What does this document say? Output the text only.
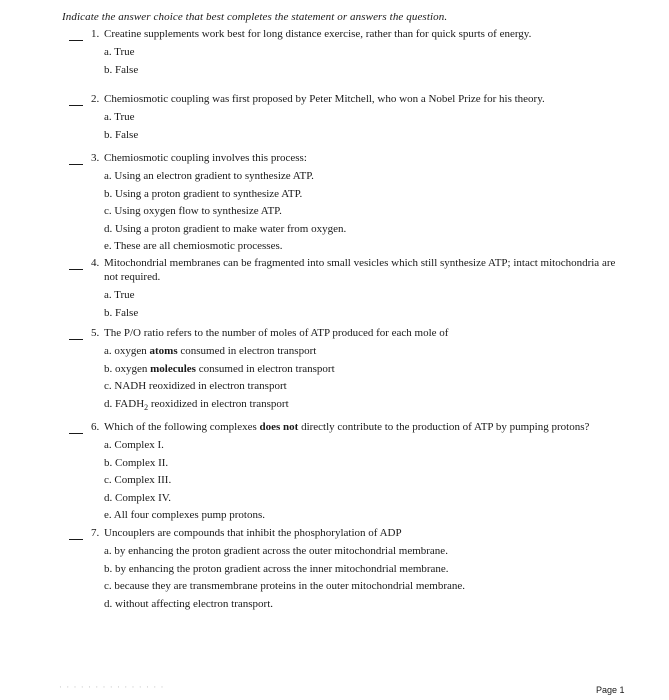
Indicate the answer choice that best completes the statement or answers the question.
1. Creatine supplements work best for long distance exercise, rather than for quick spurts of energy.
a. True
b. False
2. Chemiosmotic coupling was first proposed by Peter Mitchell, who won a Nobel Prize for his theory.
a. True
b. False
3. Chemiosmotic coupling involves this process:
a. Using an electron gradient to synthesize ATP.
b. Using a proton gradient to synthesize ATP.
c. Using oxygen flow to synthesize ATP.
d. Using a proton gradient to make water from oxygen.
e. These are all chemiosmotic processes.
4. Mitochondrial membranes can be fragmented into small vesicles which still synthesize ATP; intact mitochondria are not required.
a. True
b. False
5. The P/O ratio refers to the number of moles of ATP produced for each mole of
a. oxygen atoms consumed in electron transport
b. oxygen molecules consumed in electron transport
c. NADH reoxidized in electron transport
d. $FADH_2$ reoxidized in electron transport
6. Which of the following complexes does not directly contribute to the production of ATP by pumping protons?
a. Complex I.
b. Complex II.
c. Complex III.
d. Complex IV.
e. All four complexes pump protons.
7. Uncouplers are compounds that inhibit the phosphorylation of ADP
a. by enhancing the proton gradient across the outer mitochondrial membrane.
b. by enhancing the proton gradient across the inner mitochondrial membrane.
c. because they are transmembrane proteins in the outer mitochondrial membrane.
d. without affecting electron transport.
· · · · · · · · · · · · · · ·	Page 1
